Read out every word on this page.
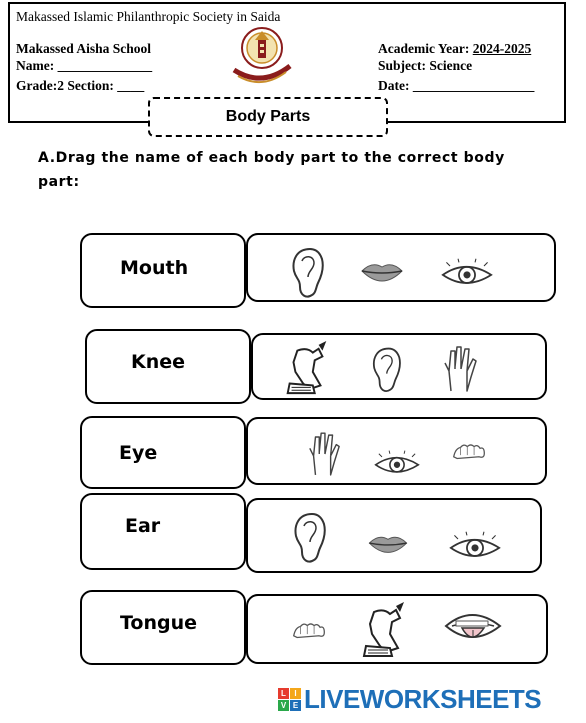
Makassed Islamic Philanthropic Society in Saida
Makassed Aisha School
Name: ______________
Grade:2 Section: ____
Academic Year: 2024-2025
Subject: Science
Date: __________________
Body Parts
A.Drag the name of each body part to the correct body part:
Mouth
Knee
Eye
Ear
Tongue
L	I
V E LIVEWORKSHEETS
